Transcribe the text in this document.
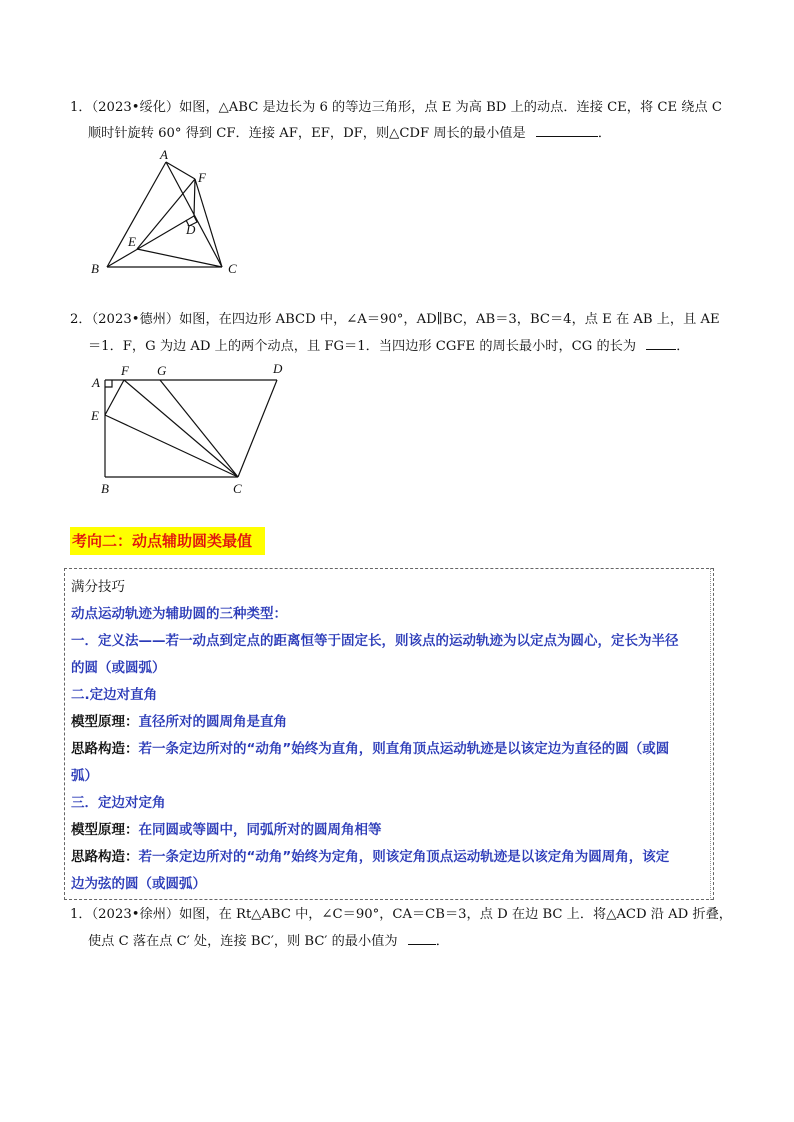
1．（2023•绥化）如图，△ABC 是边长为 6 的等边三角形，点 E 为高 BD 上的动点．连接 CE，将 CE 绕点 C
顺时针旋转 60° 得到 CF．连接 AF，EF，DF，则△CDF 周长的最小值是	．
A
F
D
E
B	C
2．（2023•德州）如图，在四边形 ABCD 中，∠A＝90°，AD∥BC，AB＝3，BC＝4，点 E 在 AB 上，且 AE
＝1．F，G 为边 AD 上的两个动点，且 FG＝1．当四边形 CGFE 的周长最小时，CG 的长为	．
A
F G	D
E
B	C
考向二：动点辅助圆类最值
满分技巧
动点运动轨迹为辅助圆的三种类型：
一．定义法——若一动点到定点的距离恒等于固定长，则该点的运动轨迹为以定点为圆心，定长为半径
的圆（或圆弧）
二.定边对直角
模型原理：直径所对的圆周角是直角
思路构造：若一条定边所对的“动角”始终为直角，则直角顶点运动轨迹是以该定边为直径的圆（或圆
弧）
三．定边对定角
模型原理：在同圆或等圆中，同弧所对的圆周角相等
思路构造：若一条定边所对的“动角”始终为定角，则该定角顶点运动轨迹是以该定角为圆周角，该定
边为弦的圆（或圆弧）
1．（2023•徐州）如图，在 Rt△ABC 中，∠C＝90°，CA＝CB＝3，点 D 在边 BC 上．将△ACD 沿 AD 折叠，
使点 C 落在点 C′ 处，连接 BC′，则 BC′ 的最小值为	．
